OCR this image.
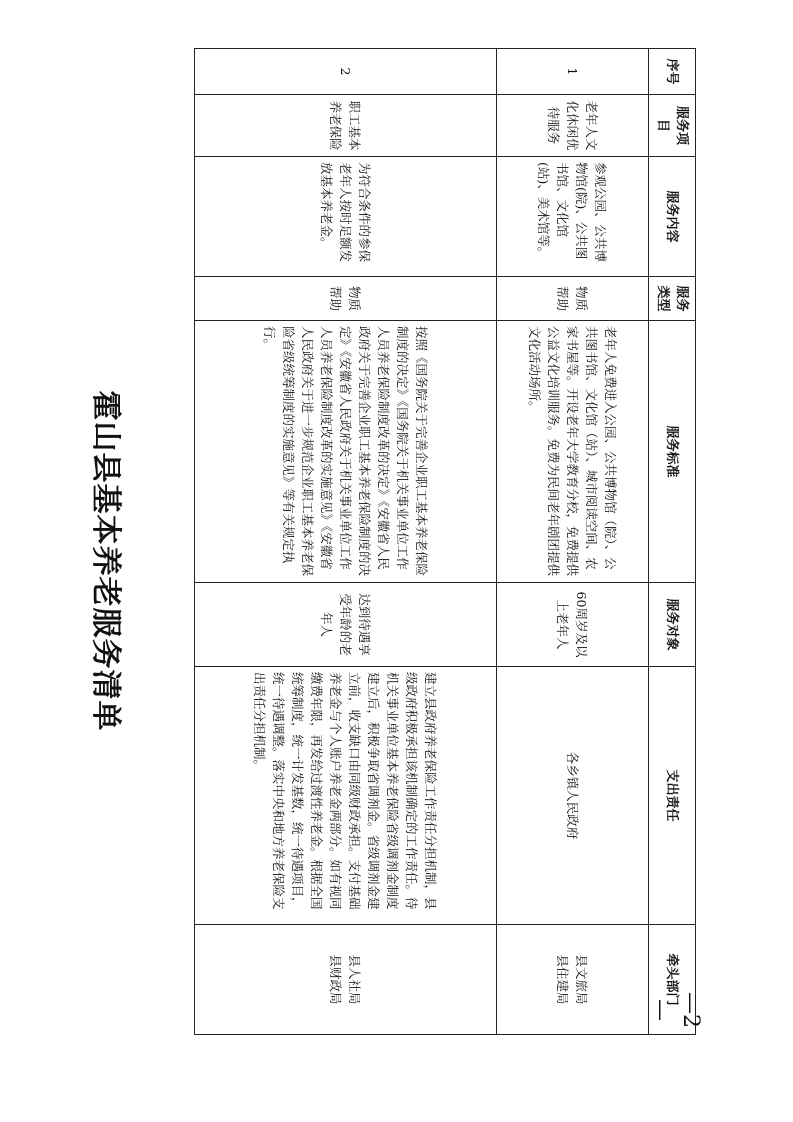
霍山县基本养老服务清单
序号	服务项目	服务内容	服务类型	服务标准	服务对象	支出责任	牵头部门
1	老年人文化休闲优待服务	参观公园、公共博物馆(院)、公共图书馆、文化馆(站)、美术馆等。	物质帮助	老年人免费进入公园、公共博物馆（院）、公共图书馆、文化馆（站）、城市阅读空间、农家书屋等。开设老年大学教育分校，免费提供公益文化培训服务。免费为民间老年剧团提供文化活动场所。	60周岁及以上老年人	各乡镇人民政府	县文旅局
县住建局
2	职工基本养老保险	为符合条件的参保老年人按时足额发放基本养老金。	物质帮助	按照《国务院关于完善企业职工基本养老保险制度的决定》《国务院关于机关事业单位工作人员养老保险制度改革的决定》《安徽省人民政府关于完善企业职工基本养老保险制度的决定》《安徽省人民政府关于机关事业单位工作人员养老保险制度改革的实施意见》《安徽省人民政府关于进一步规范企业职工基本养老保险省级统筹制度的实施意见》等有关规定执行。	达到待遇享受年龄的老年人	建立县政府养老保险工作责任分担机制，县级政府积极承担该机制确定的工作责任。待机关事业单位基本养老保险省级调剂金制度建立后，积极争取省调剂金。省级调剂金建立前，收支缺口由同级财政承担。支付基础养老金与个人账户养老金两部分。如有视同缴费年限，再发给过渡性养老金。根据全国统筹制度，统一计发基数，统一待遇项目，统一待遇调整。落实中央和地方养老保险支出责任分担机制。	县人社局
县财政局
—2—
